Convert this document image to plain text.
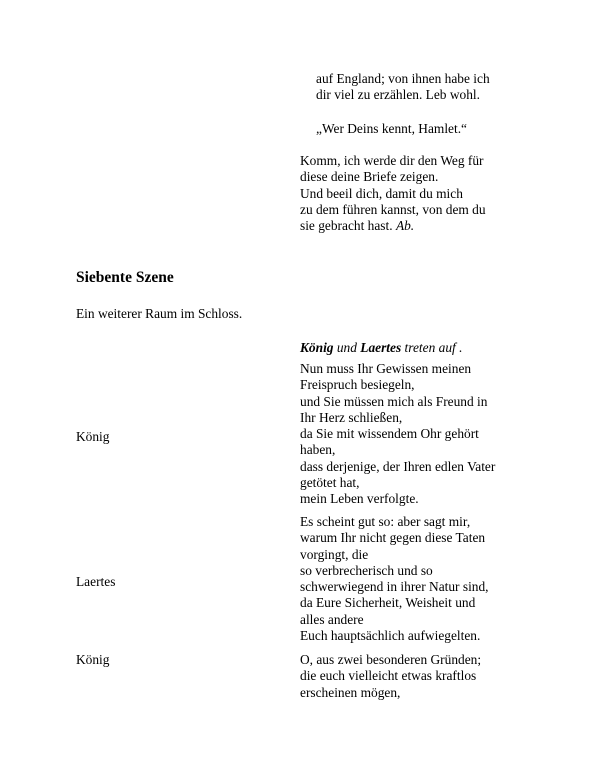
auf England; von ihnen habe ich

dir viel zu erzählen. Leb wohl.

„Wer Deins kennt, Hamlet.“

Komm, ich werde dir den Weg für

diese deine Briefe zeigen.

Und beeil dich, damit du mich

zu dem führen kannst, von dem du

sie gebracht hast. Ab.

Siebente Szene

Ein weiterer Raum im Schloss.

König und Laertes treten auf .

König

Nun muss Ihr Gewissen meinen

Freispruch besiegeln,

und Sie müssen mich als Freund in

Ihr Herz schließen,

da Sie mit wissendem Ohr gehört

haben,

dass derjenige, der Ihren edlen Vater

getötet hat,

mein Leben verfolgte.

Laertes

Es scheint gut so: aber sagt mir,

warum Ihr nicht gegen diese Taten

vorgingt, die

so verbrecherisch und so

schwerwiegend in ihrer Natur sind,

da Eure Sicherheit, Weisheit und

alles andere

Euch hauptsächlich aufwiegelten.

König	O, aus zwei besonderen Gründen;

die euch vielleicht etwas kraftlos

erscheinen mögen,
